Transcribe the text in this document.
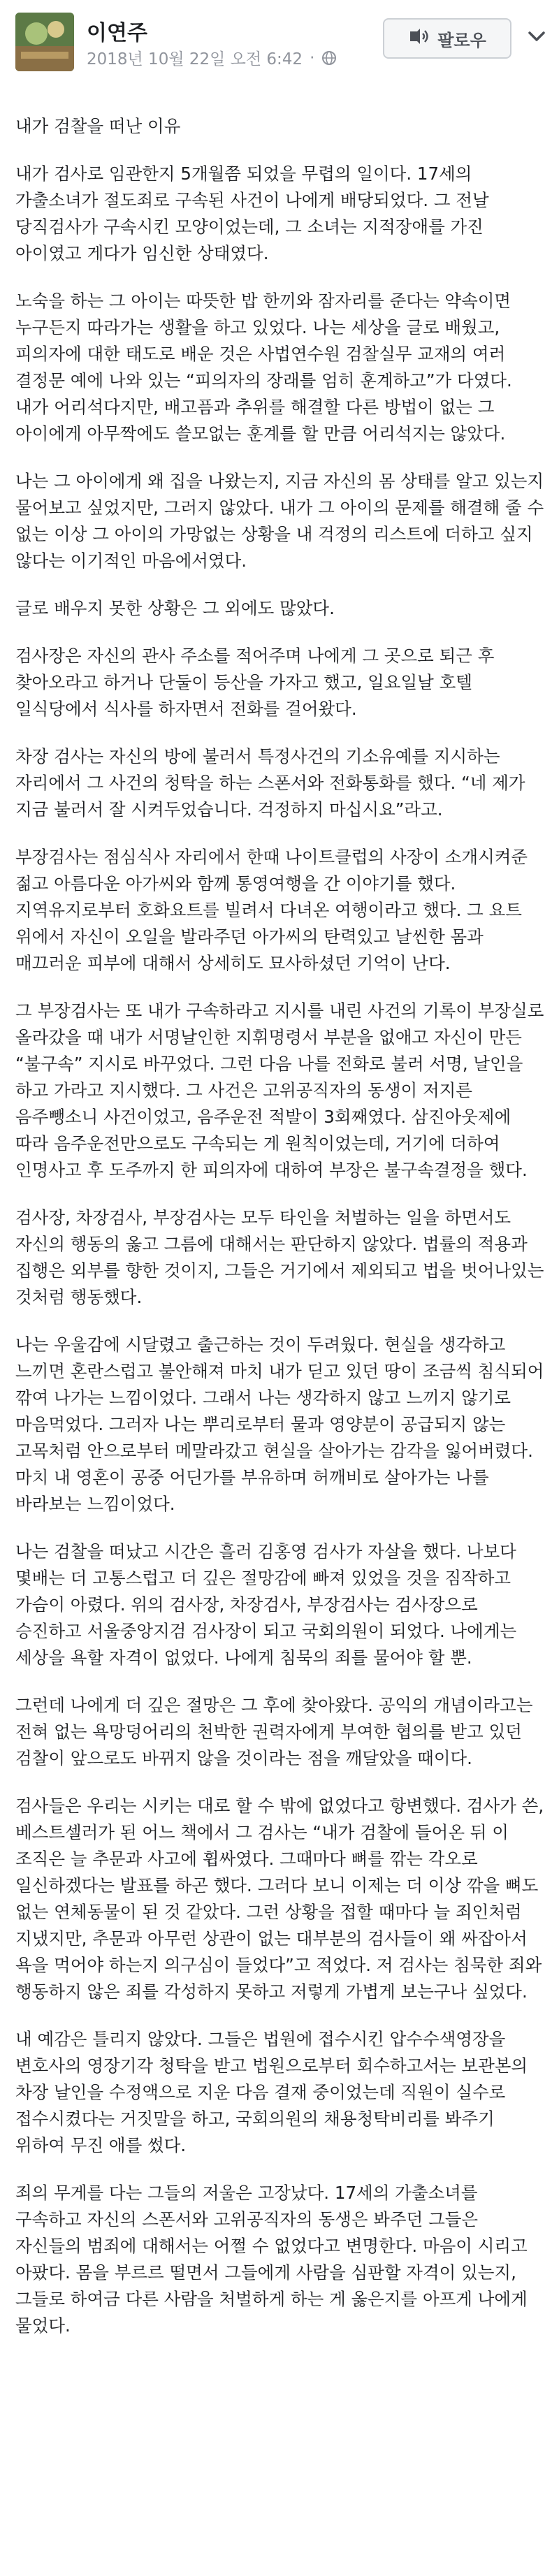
이연주
2018년 10월 22일 오전 6:42 ·
팔로우

내가 검찰을 떠난 이유

내가 검사로 임관한지 5개월쯤 되었을 무렵의 일이다. 17세의 가출소녀가 절도죄로 구속된 사건이 나에게 배당되었다. 그 전날 당직검사가 구속시킨 모양이었는데, 그 소녀는 지적장애를 가진 아이였고 게다가 임신한 상태였다.

노숙을 하는 그 아이는 따뜻한 밥 한끼와 잠자리를 준다는 약속이면 누구든지 따라가는 생활을 하고 있었다. 나는 세상을 글로 배웠고, 피의자에 대한 태도로 배운 것은 사법연수원 검찰실무 교재의 여러 결정문 예에 나와 있는 “피의자의 장래를 엄히 훈계하고”가 다였다. 내가 어리석다지만, 배고픔과 추위를 해결할 다른 방법이 없는 그 아이에게 아무짝에도 쓸모없는 훈계를 할 만큼 어리석지는 않았다.

나는 그 아이에게 왜 집을 나왔는지, 지금 자신의 몸 상태를 알고 있는지 물어보고 싶었지만, 그러지 않았다. 내가 그 아이의 문제를 해결해 줄 수 없는 이상 그 아이의 가망없는 상황을 내 걱정의 리스트에 더하고 싶지 않다는 이기적인 마음에서였다.

글로 배우지 못한 상황은 그 외에도 많았다.

검사장은 자신의 관사 주소를 적어주며 나에게 그 곳으로 퇴근 후 찾아오라고 하거나 단둘이 등산을 가자고 했고, 일요일날 호텔 일식당에서 식사를 하자면서 전화를 걸어왔다.

차장 검사는 자신의 방에 불러서 특정사건의 기소유예를 지시하는 자리에서 그 사건의 청탁을 하는 스폰서와 전화통화를 했다. “네 제가 지금 불러서 잘 시켜두었습니다. 걱정하지 마십시요”라고.

부장검사는 점심식사 자리에서 한때 나이트클럽의 사장이 소개시켜준 젊고 아름다운 아가씨와 함께 통영여행을 간 이야기를 했다. 지역유지로부터 호화요트를 빌려서 다녀온 여행이라고 했다. 그 요트 위에서 자신이 오일을 발라주던 아가씨의 탄력있고 날씬한 몸과 매끄러운 피부에 대해서 상세히도 묘사하셨던 기억이 난다.

그 부장검사는 또 내가 구속하라고 지시를 내린 사건의 기록이 부장실로 올라갔을 때 내가 서명날인한 지휘명령서 부분을 없애고 자신이 만든 “불구속” 지시로 바꾸었다. 그런 다음 나를 전화로 불러 서명, 날인을 하고 가라고 지시했다. 그 사건은 고위공직자의 동생이 저지른 음주뺑소니 사건이었고, 음주운전 적발이 3회째였다. 삼진아웃제에 따라 음주운전만으로도 구속되는 게 원칙이었는데, 거기에 더하여 인명사고 후 도주까지 한 피의자에 대하여 부장은 불구속결정을 했다.

검사장, 차장검사, 부장검사는 모두 타인을 처벌하는 일을 하면서도 자신의 행동의 옳고 그름에 대해서는 판단하지 않았다. 법률의 적용과 집행은 외부를 향한 것이지, 그들은 거기에서 제외되고 법을 벗어나있는 것처럼 행동했다.

나는 우울감에 시달렸고 출근하는 것이 두려웠다. 현실을 생각하고 느끼면 혼란스럽고 불안해져 마치 내가 딛고 있던 땅이 조금씩 침식되어 깎여 나가는 느낌이었다. 그래서 나는 생각하지 않고 느끼지 않기로 마음먹었다. 그러자 나는 뿌리로부터 물과 영양분이 공급되지 않는 고목처럼 안으로부터 메말라갔고 현실을 살아가는 감각을 잃어버렸다. 마치 내 영혼이 공중 어딘가를 부유하며 허깨비로 살아가는 나를 바라보는 느낌이었다.

나는 검찰을 떠났고 시간은 흘러 김홍영 검사가 자살을 했다. 나보다 몇배는 더 고통스럽고 더 깊은 절망감에 빠져 있었을 것을 짐작하고 가슴이 아렸다. 위의 검사장, 차장검사, 부장검사는 검사장으로 승진하고 서울중앙지검 검사장이 되고 국회의원이 되었다. 나에게는 세상을 욕할 자격이 없었다. 나에게 침묵의 죄를 물어야 할 뿐.

그런데 나에게 더 깊은 절망은 그 후에 찾아왔다. 공익의 개념이라고는 전혀 없는 욕망덩어리의 천박한 권력자에게 부여한 협의를 받고 있던 검찰이 앞으로도 바뀌지 않을 것이라는 점을 깨달았을 때이다.

검사들은 우리는 시키는 대로 할 수 밖에 없었다고 항변했다. 검사가 쓴, 베스트셀러가 된 어느 책에서 그 검사는 “내가 검찰에 들어온 뒤 이 조직은 늘 추문과 사고에 휩싸였다. 그때마다 뼈를 깎는 각오로 일신하겠다는 발표를 하곤 했다. 그러다 보니 이제는 더 이상 깎을 뼈도 없는 연체동물이 된 것 같았다. 그런 상황을 접할 때마다 늘 죄인처럼 지냈지만, 추문과 아무런 상관이 없는 대부분의 검사들이 왜 싸잡아서 욕을 먹어야 하는지 의구심이 들었다”고 적었다. 저 검사는 침묵한 죄와 행동하지 않은 죄를 각성하지 못하고 저렇게 가볍게 보는구나 싶었다.

내 예감은 틀리지 않았다. 그들은 법원에 접수시킨 압수수색영장을 변호사의 영장기각 청탁을 받고 법원으로부터 회수하고서는 보관본의 차장 날인을 수정액으로 지운 다음 결재 중이었는데 직원이 실수로 접수시켰다는 거짓말을 하고, 국회의원의 채용청탁비리를 봐주기 위하여 무진 애를 썼다.

죄의 무게를 다는 그들의 저울은 고장났다. 17세의 가출소녀를 구속하고 자신의 스폰서와 고위공직자의 동생은 봐주던 그들은 자신들의 범죄에 대해서는 어쩔 수 없었다고 변명한다. 마음이 시리고 아팠다. 몸을 부르르 떨면서 그들에게 사람을 심판할 자격이 있는지, 그들로 하여금 다른 사람을 처벌하게 하는 게 옳은지를 아프게 나에게 물었다.
